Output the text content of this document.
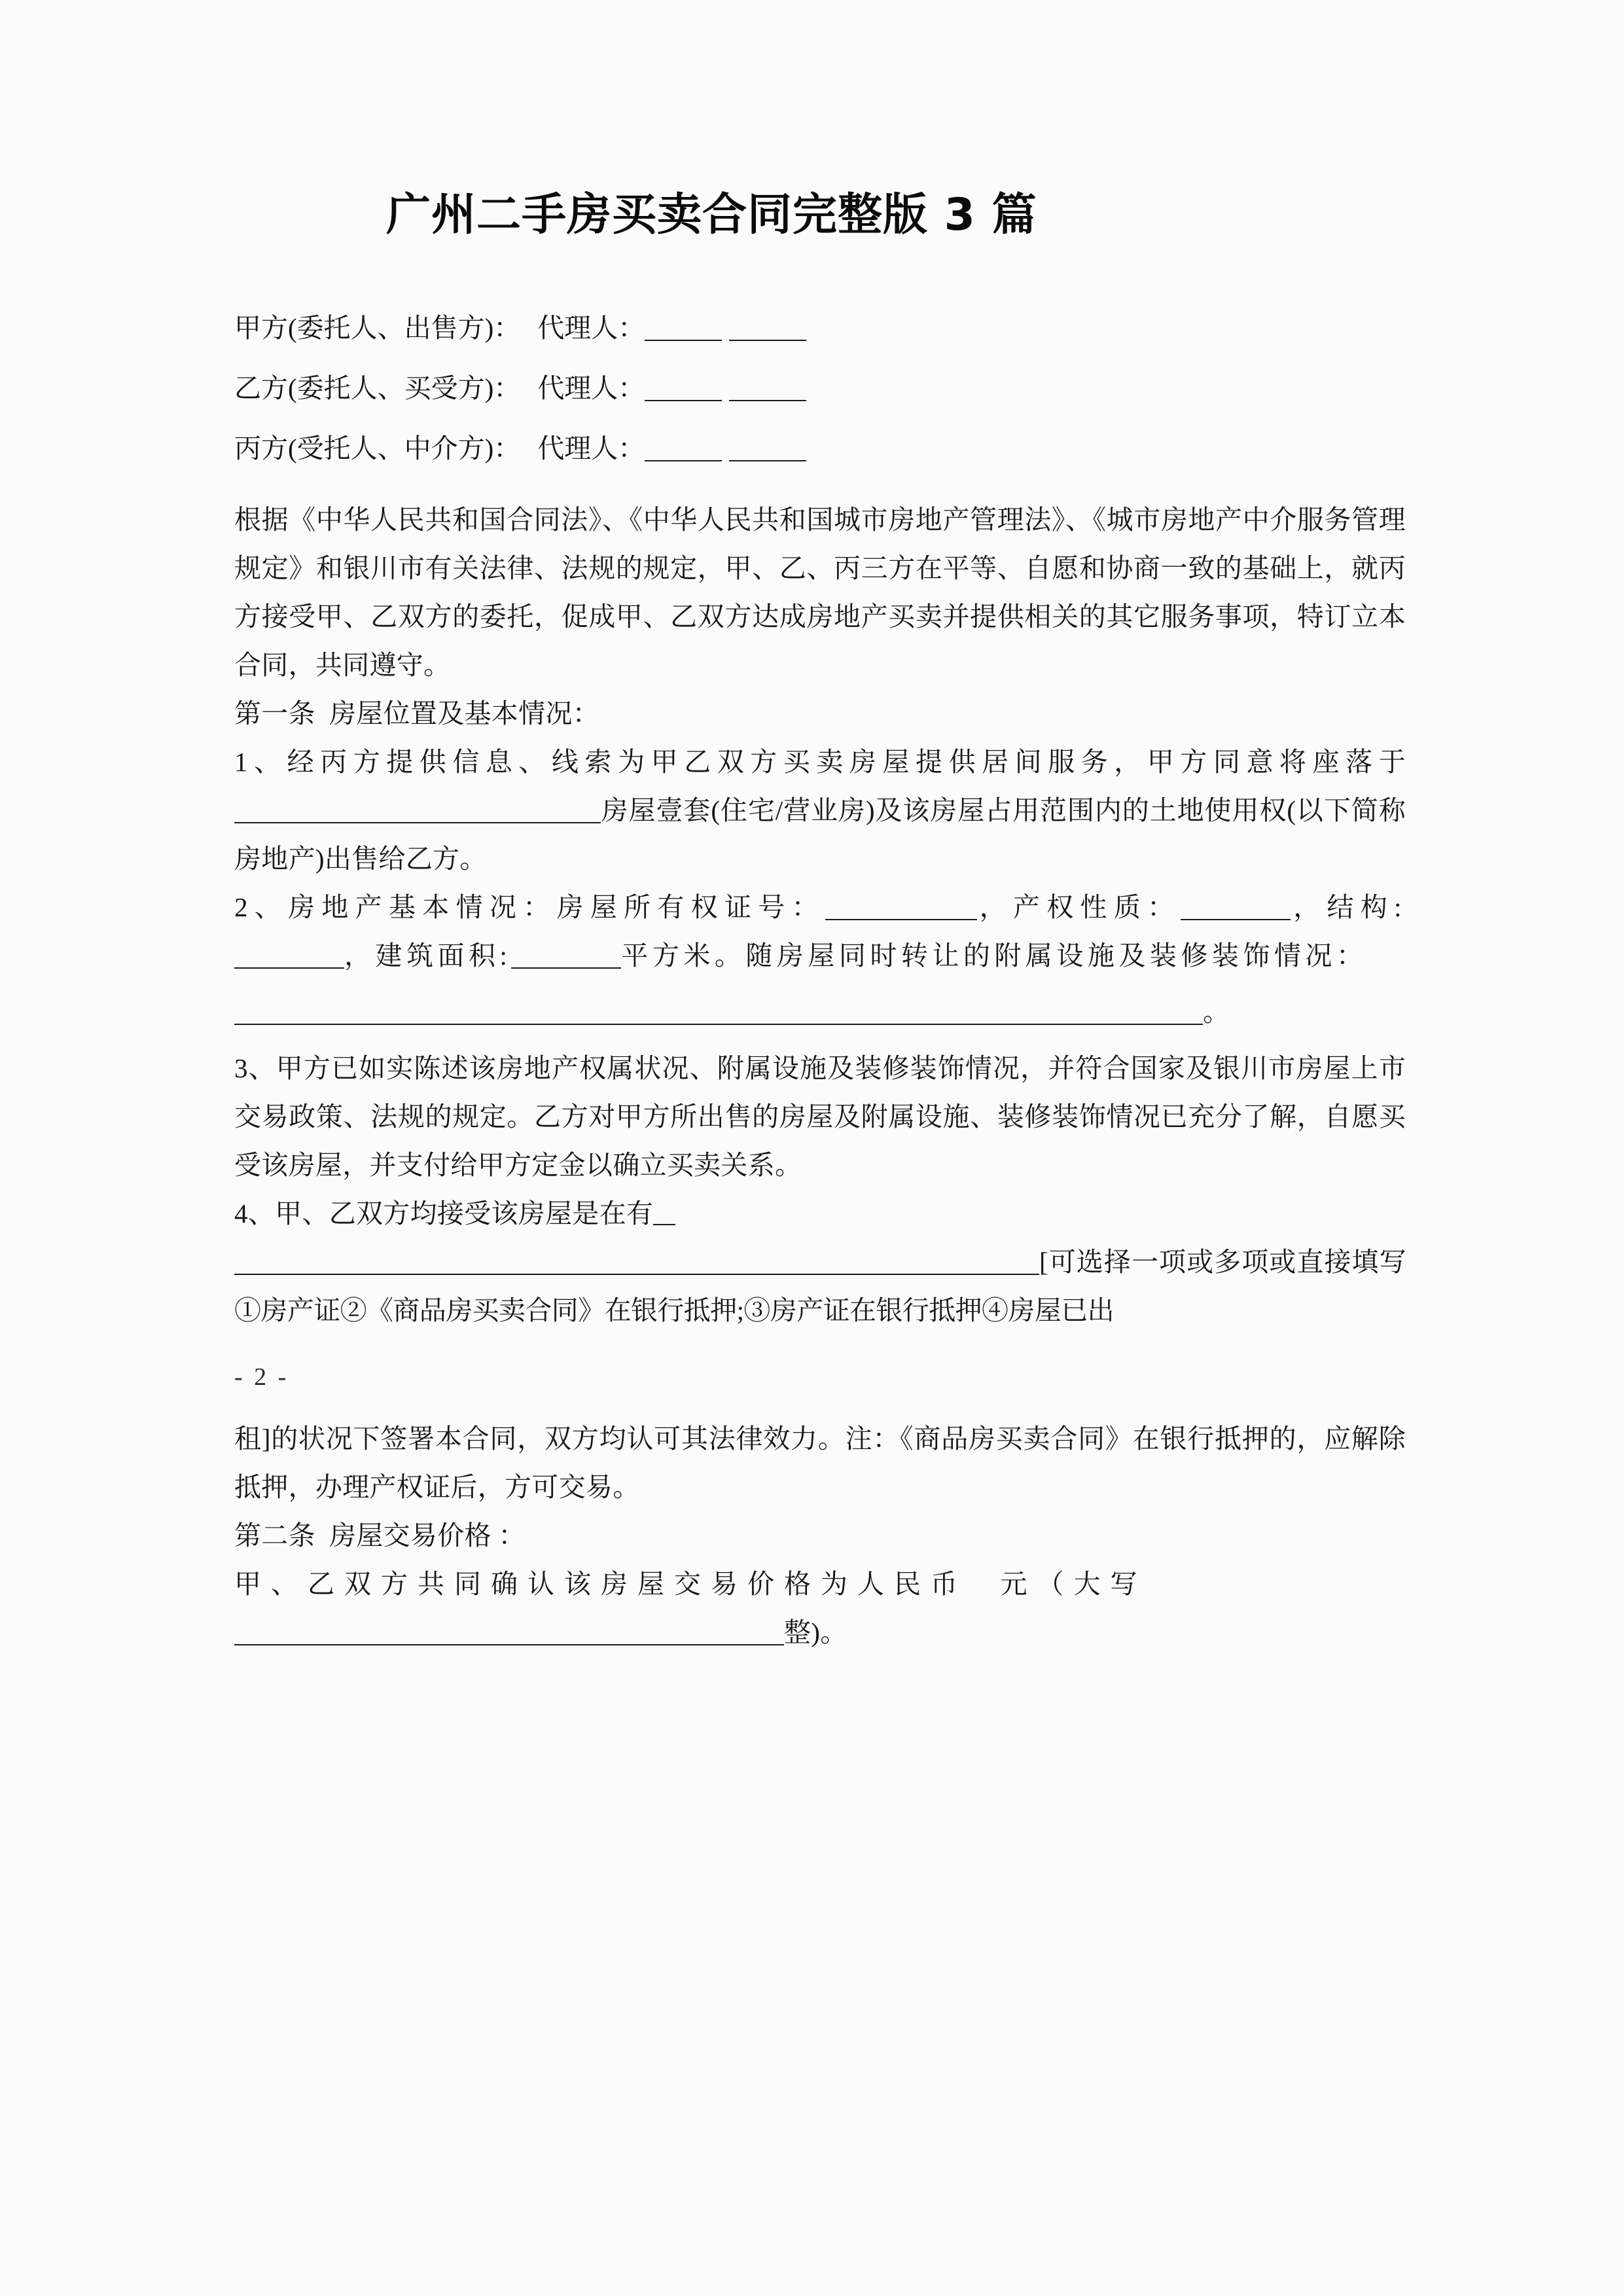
广州二手房买卖合同完整版 3 篇
甲方(委托人、出售方)： 代理人：
乙方(委托人、买受方)： 代理人：
丙方(受托人、中介方)： 代理人：
根据《中华人民共和国合同法》、《中华人民共和国城市房地产管理法》、《城市房地产中介服务管理规定》和银川市有关法律、法规的规定，甲、乙、丙三方在平等、自愿和协商一致的基础上，就丙方接受甲、乙双方的委托，促成甲、乙双方达成房地产买卖并提供相关的其它服务事项，特订立本合同，共同遵守。
第一条  房屋位置及基本情况：
1、经丙方提供信息、线索为甲乙双方买卖房屋提供居间服务，甲方同意将座落于房屋壹套(住宅/营业房)及该房屋占用范围内的土地使用权(以下简称房地产)出售给乙方。
2、房地产基本情况：房屋所有权证号：	，产权性质：	，结构:，建筑面积:	平方米。随房屋同时转让的附属设施及装修装饰情况：
。
3、甲方已如实陈述该房地产权属状况、附属设施及装修装饰情况，并符合国家及银川市房屋上市交易政策、法规的规定。乙方对甲方所出售的房屋及附属设施、装修装饰情况已充分了解，自愿买受该房屋，并支付给甲方定金以确立买卖关系。
4、甲、乙双方均接受该房屋是在有
[可选择一项或多项或直接填写①房产证②《商品房买卖合同》在银行抵押;③房产证在银行抵押④房屋已出
- 2 -
租]的状况下签署本合同，双方均认可其法律效力。注：《商品房买卖合同》在银行抵押的，应解除抵押，办理产权证后，方可交易。
第二条  房屋交易价格 ：
甲、乙双方共同确认该房屋交易价格为人民币  元（大写
整)。
